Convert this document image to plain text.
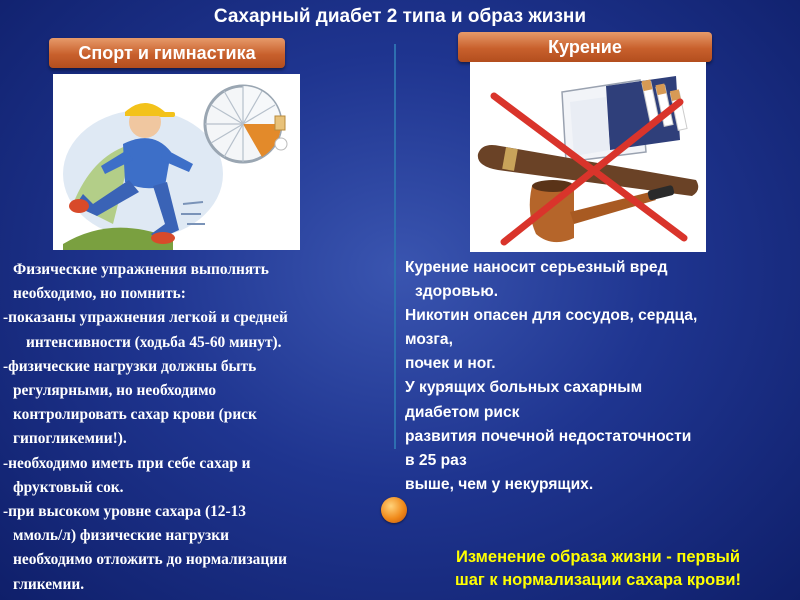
Сахарный диабет 2 типа и образ жизни
Спорт и гимнастика	Курение
Физические упражнения выполнять
необходимо, но помнить:
-показаны упражнения легкой и средней
интенсивности (ходьба 45-60 минут).
-физические нагрузки должны быть
регулярными, но необходимо
контролировать сахар крови (риск
гипогликемии!).
-необходимо иметь при себе сахар и
фруктовый сок.
-при высоком уровне сахара (12-13
ммоль/л) физические нагрузки
необходимо отложить до нормализации
гликемии.
Курение наносит серьезный вред
здоровью.
Никотин опасен для сосудов, сердца,
мозга,
почек и ног.
У курящих больных сахарным
диабетом риск
развития почечной недостаточности
в 25 раз
выше, чем у некурящих.
Изменение образа жизни - первый
шаг к нормализации сахара крови!
